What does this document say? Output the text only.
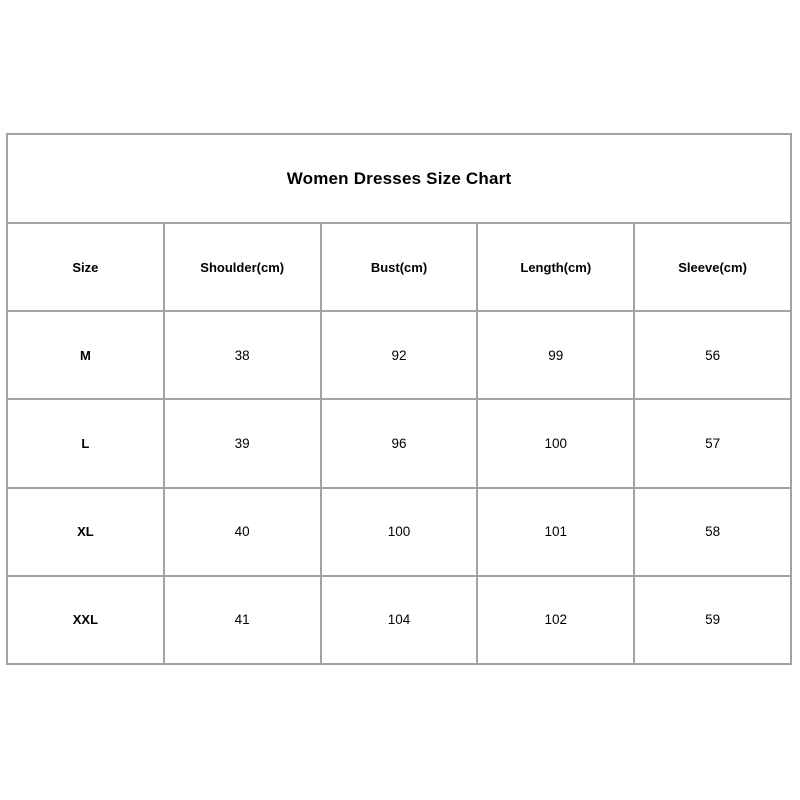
Women Dresses Size Chart				
Size	Shoulder(cm)	Bust(cm)	Length(cm)	Sleeve(cm)
M	38	92	99	56
L	39	96	100	57
XL	40	100	101	58
XXL	41	104	102	59
